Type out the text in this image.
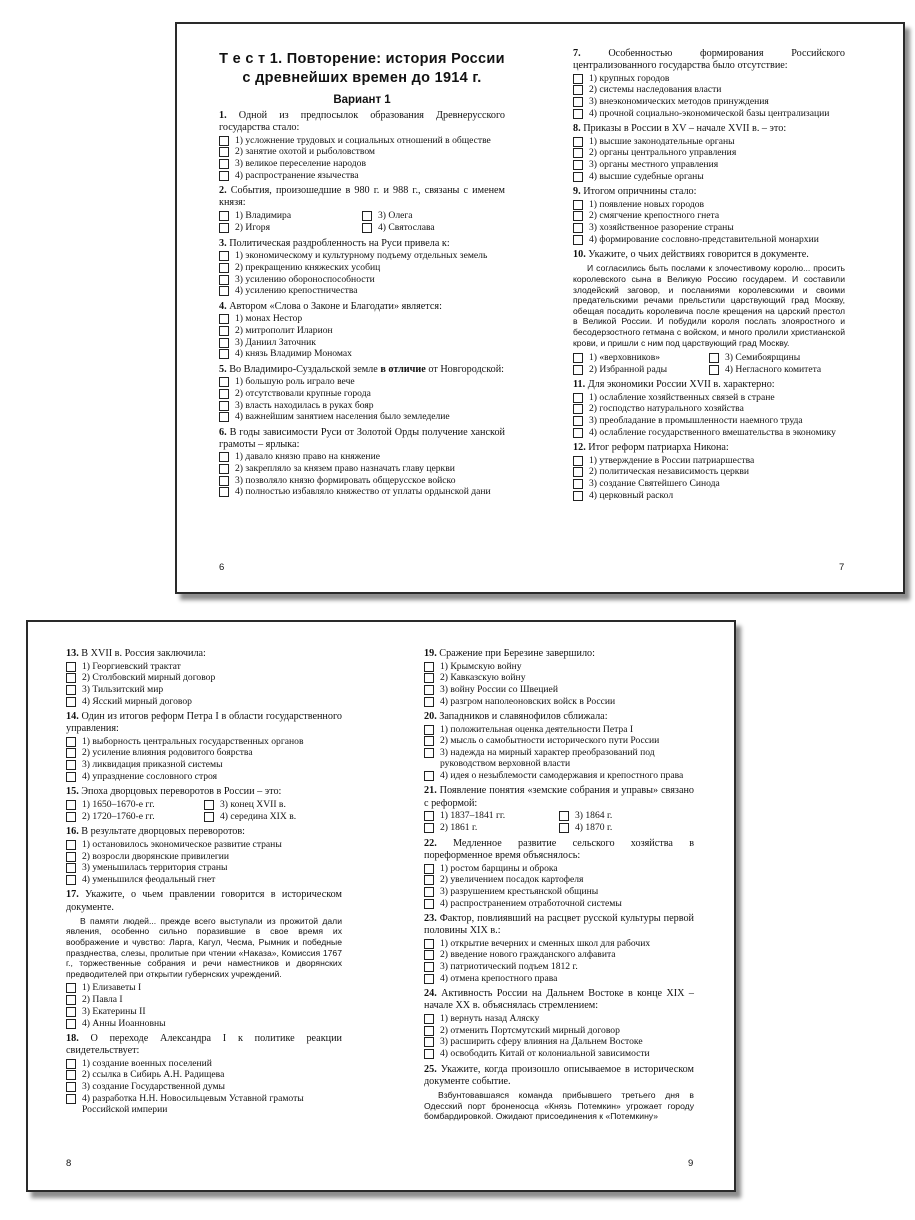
Т е с т 1. Повторение: история России
с древнейших времен до 1914 г.
Вариант 1
1. Одной из предпосылок образования Древнерусского государства стало:
1) усложнение трудовых и социальных отношений в обществе
2) занятие охотой и рыболовством
3) великое переселение народов
4) распространение язычества
2. События, произошедшие в 980 г. и 988 г., связаны с именем князя:
1) Владимира	3) Олега
2) Игоря	4) Святослава
3. Политическая раздробленность на Руси привела к:
1) экономическому и культурному подъему отдельных земель
2) прекращению княжеских усобиц
3) усилению обороноспособности
4) усилению крепостничества
4. Автором «Слова о Законе и Благодати» является:
1) монах Нестор
2) митрополит Иларион
3) Даниил Заточник
4) князь Владимир Мономах
5. Во Владимиро-Суздальской земле в отличие от Новгородской:
1) большую роль играло вече
2) отсутствовали крупные города
3) власть находилась в руках бояр
4) важнейшим занятием населения было земледелие
6. В годы зависимости Руси от Золотой Орды получение ханской грамоты – ярлыка:
1) давало князю право на княжение
2) закрепляло за князем право назначать главу церкви
3) позволяло князю формировать общерусское войско
4) полностью избавляло княжество от уплаты ордынской дани
6
7.	Особенностью формирования Российского централизованного государства было отсутствие:
1) крупных городов
2) системы наследования власти
3) внеэкономических методов принуждения
4) прочной социально-экономической базы централизации
8. Приказы в России в XV – начале XVII в. – это:
1) высшие законодательные органы
2) органы центрального управления
3) органы местного управления
4) высшие судебные органы
9. Итогом опричнины стало:
1) появление новых городов
2) смягчение крепостного гнета
3) хозяйственное разорение страны
4) формирование сословно-представительной монархии
10. Укажите, о чьих действиях говорится в документе.
И согласились быть послами к злочестивому королю... просить королевского сына в Великую Россию государем. И составили злодейский заговор, и посланиями королевскими и своими предательскими речами прельстили царствующий град Москву, обещая посадить королевича после крещения на царский престол в Великой России. И побудили короля послать злояростного и бесодерзостного гетмана с войском, и много пролили христианской крови, и пришли с ним под царствующий град Москву.
1) «верховников»	3) Семибоярщины
2) Избранной рады	4) Негласного комитета
11. Для экономики России XVII в. характерно:
1) ослабление хозяйственных связей в стране
2) господство натурального хозяйства
3) преобладание в промышленности наемного труда
4) ослабление государственного вмешательства в экономику
12. Итог реформ патриарха Никона:
1) утверждение в России патриаршества
2) политическая независимость церкви
3) создание Святейшего Синода
4) церковный раскол
7
13. В XVII в. Россия заключила:
1) Георгиевский трактат
2) Столбовский мирный договор
3) Тильзитский мир
4) Ясский мирный договор
14. Один из итогов реформ Петра I в области государственного управления:
1) выборность центральных государственных органов
2) усиление влияния родовитого боярства
3) ликвидация приказной системы
4) упразднение сословного строя
15. Эпоха дворцовых переворотов в России – это:
1) 1650–1670-е гг.	3) конец XVII в.
2) 1720–1760-е гг.	4) середина XIX в.
16. В результате дворцовых переворотов:
1) остановилось экономическое развитие страны
2) возросли дворянские привилегии
3) уменьшилась территория страны
4) уменьшился феодальный гнет
17. Укажите, о чьем правлении говорится в историческом документе.
В памяти людей... прежде всего выступали из прожитой дали явления, особенно сильно поразившие в свое время их воображение и чувство: Ларга, Кагул, Чесма, Рымник и победные празднества, слезы, пролитые при чтении «Наказа», Комиссия 1767 г., торжественные собрания и речи наместников и дворянских предводителей при открытии губернских учреждений.
1) Елизаветы I
2) Павла I
3) Екатерины II
4) Анны Иоанновны
18. О переходе Александра I к политике реакции свидетельствует:
1) создание военных поселений
2) ссылка в Сибирь А.Н. Радищева
3) создание Государственной думы
4) разработка Н.Н. Новосильцевым Уставной грамоты Российской империи
8
19. Сражение при Березине завершило:
1) Крымскую войну
2) Кавказскую войну
3) войну России со Швецией
4) разгром наполеоновских войск в России
20. Западников и славянофилов сближала:
1) положительная оценка деятельности Петра I
2) мысль о самобытности исторического пути России
3) надежда на мирный характер преобразований под руководством верховной власти
4) идея о незыблемости самодержавия и крепостного права
21. Появление понятия «земские собрания и управы» связано с реформой:
1) 1837–1841 гг.	3) 1864 г.
2) 1861 г.	4) 1870 г.
22. Медленное развитие сельского хозяйства в пореформенное время объяснялось:
1) ростом барщины и оброка
2) увеличением посадок картофеля
3) разрушением крестьянской общины
4) распространением отработочной системы
23. Фактор, повлиявший на расцвет русской культуры первой половины XIX в.:
1) открытие вечерних и сменных школ для рабочих
2) введение нового гражданского алфавита
3) патриотический подъем 1812 г.
4) отмена крепостного права
24. Активность России на Дальнем Востоке в конце XIX – начале XX в. объяснялась стремлением:
1) вернуть назад Аляску
2) отменить Портсмутский мирный договор
3) расширить сферу влияния на Дальнем Востоке
4) освободить Китай от колониальной зависимости
25. Укажите, когда произошло описываемое в историческом документе событие.
Взбунтовавшаяся команда прибывшего третьего дня в Одесский порт броненосца «Князь Потемкин» угрожает городу бомбардировкой. Ожидают присоединения к «Потемкину»
9
